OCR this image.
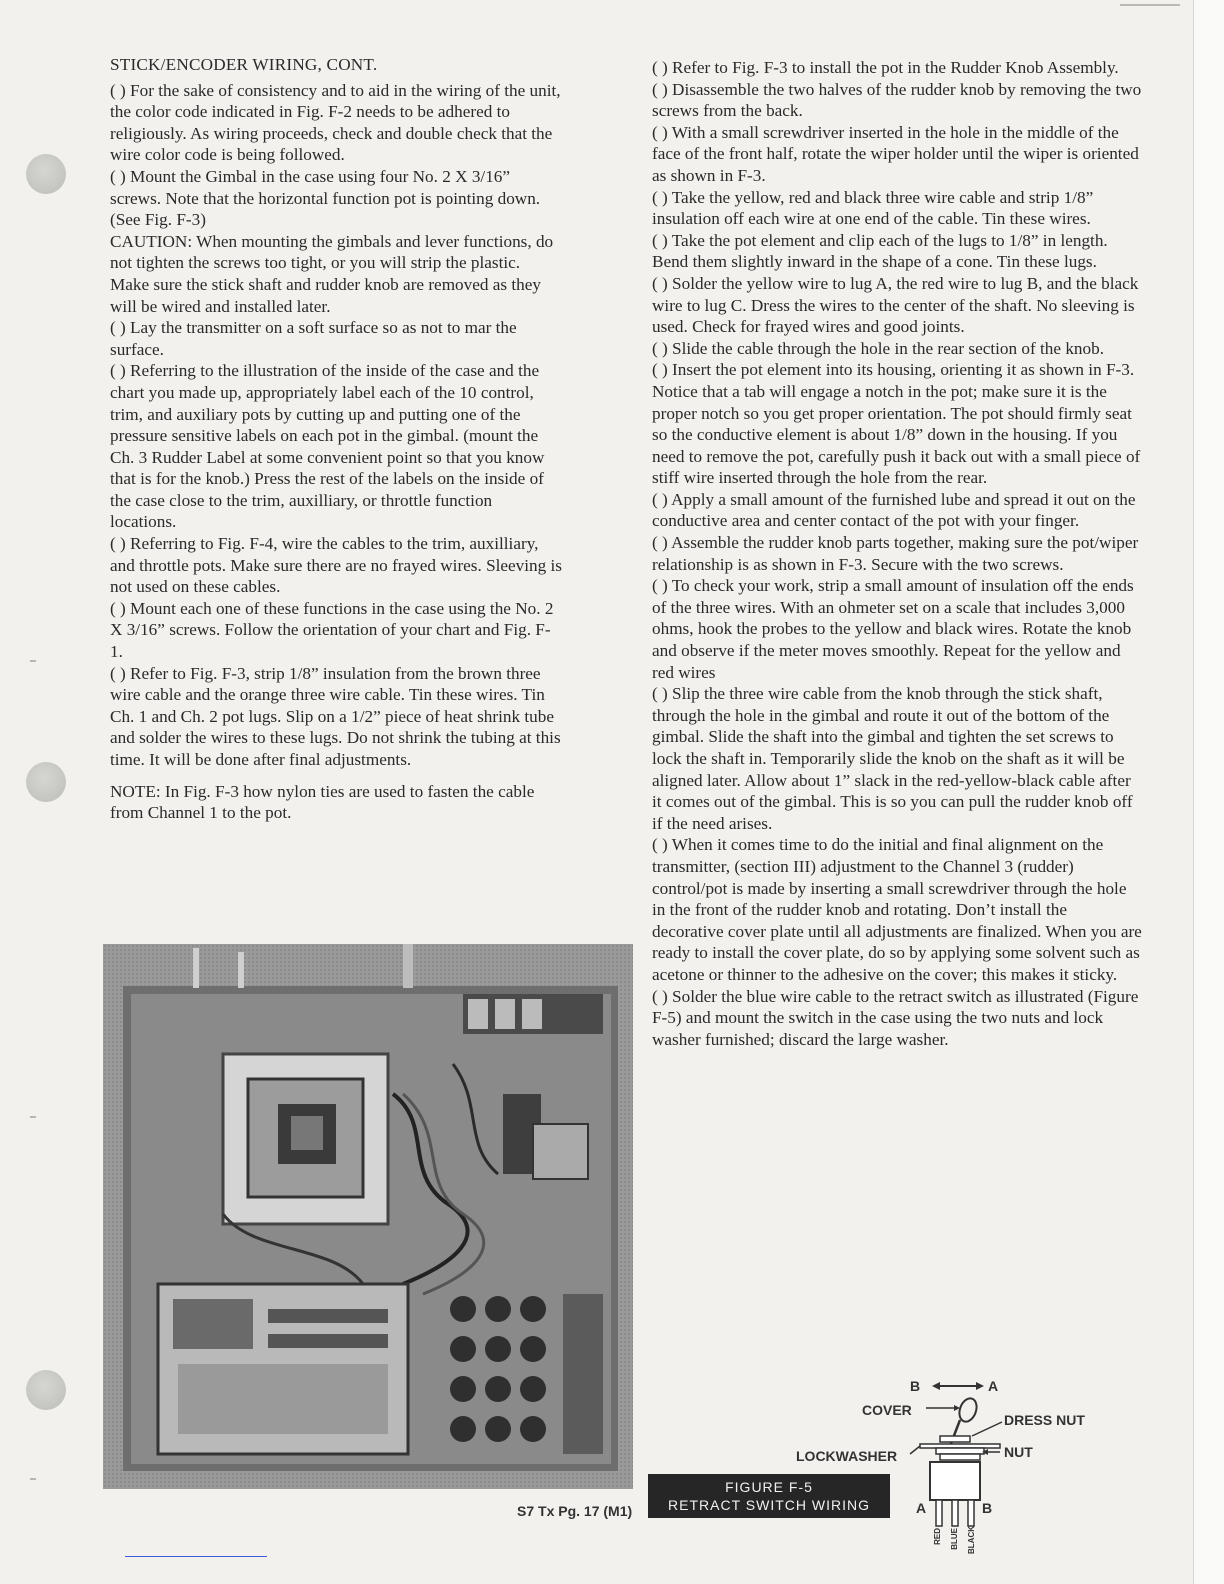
STICK/ENCODER WIRING, CONT.

( ) For the sake of consistency and to aid in the wiring of the unit, the color code indicated in Fig. F-2 needs to be adhered to religiously. As wiring proceeds, check and double check that the wire color code is being followed.

( ) Mount the Gimbal in the case using four No. 2 X 3/16” screws. Note that the horizontal function pot is pointing down. (See Fig. F-3)

CAUTION: When mounting the gimbals and lever functions, do not tighten the screws too tight, or you will strip the plastic.

Make sure the stick shaft and rudder knob are removed as they will be wired and installed later.

( ) Lay the transmitter on a soft surface so as not to mar the surface.

( ) Referring to the illustration of the inside of the case and the chart you made up, appropriately label each of the 10 control, trim, and auxiliary pots by cutting up and putting one of the pressure sensitive labels on each pot in the gimbal. (mount the Ch. 3 Rudder Label at some convenient point so that you know that is for the knob.) Press the rest of the labels on the inside of the case close to the trim, auxilliary, or throttle function locations.

( ) Referring to Fig. F-4, wire the cables to the trim, auxilliary, and throttle pots. Make sure there are no frayed wires. Sleeving is not used on these cables.

( ) Mount each one of these functions in the case using the No. 2 X 3/16” screws. Follow the orientation of your chart and Fig. F-1.

( ) Refer to Fig. F-3, strip 1/8” insulation from the brown three wire cable and the orange three wire cable. Tin these wires. Tin Ch. 1 and Ch. 2 pot lugs. Slip on a 1/2” piece of heat shrink tube and solder the wires to these lugs. Do not shrink the tubing at this time. It will be done after final adjustments.

NOTE: In Fig. F-3 how nylon ties are used to fasten the cable from Channel 1 to the pot.

S7 Tx Pg. 17 (M1)

( ) Refer to Fig. F-3 to install the pot in the Rudder Knob Assembly.

( ) Disassemble the two halves of the rudder knob by removing the two screws from the back.

( ) With a small screwdriver inserted in the hole in the middle of the face of the front half, rotate the wiper holder until the wiper is oriented as shown in F-3.

( ) Take the yellow, red and black three wire cable and strip 1/8” insulation off each wire at one end of the cable. Tin these wires.

( ) Take the pot element and clip each of the lugs to 1/8” in length. Bend them slightly inward in the shape of a cone. Tin these lugs.

( ) Solder the yellow wire to lug A, the red wire to lug B, and the black wire to lug C. Dress the wires to the center of the shaft. No sleeving is used. Check for frayed wires and good joints.

( ) Slide the cable through the hole in the rear section of the knob.

( ) Insert the pot element into its housing, orienting it as shown in F-3. Notice that a tab will engage a notch in the pot; make sure it is the proper notch so you get proper orientation. The pot should firmly seat so the conductive element is about 1/8” down in the housing. If you need to remove the pot, carefully push it back out with a small piece of stiff wire inserted through the hole from the rear.

( ) Apply a small amount of the furnished lube and spread it out on the conductive area and center contact of the pot with your finger.

( ) Assemble the rudder knob parts together, making sure the pot/wiper relationship is as shown in F-3. Secure with the two screws.

( ) To check your work, strip a small amount of insulation off the ends of the three wires. With an ohmeter set on a scale that includes 3,000 ohms, hook the probes to the yellow and black wires. Rotate the knob and observe if the meter moves smoothly. Repeat for the yellow and red wires

( ) Slip the three wire cable from the knob through the stick shaft, through the hole in the gimbal and route it out of the bottom of the gimbal. Slide the shaft into the gimbal and tighten the set screws to lock the shaft in. Temporarily slide the knob on the shaft as it will be aligned later. Allow about 1” slack in the red-yellow-black cable after it comes out of the gimbal. This is so you can pull the rudder knob off if the need arises.

( ) When it comes time to do the initial and final alignment on the transmitter, (section III) adjustment to the Channel 3 (rudder) control/pot is made by inserting a small screwdriver through the hole in the front of the rudder knob and rotating. Don’t install the decorative cover plate until all adjustments are finalized. When you are ready to install the cover plate, do so by applying some solvent such as acetone or thinner to the adhesive on the cover; this makes it sticky.

( ) Solder the blue wire cable to the retract switch as illustrated (Figure F-5) and mount the switch in the case using the two nuts and lock washer furnished; discard the large washer.

FIGURE F-5
RETRACT SWITCH WIRING
B	A
COVER
DRESS NUT
LOCKWASHER	NUT
A	B
RED BLUE BLACK
